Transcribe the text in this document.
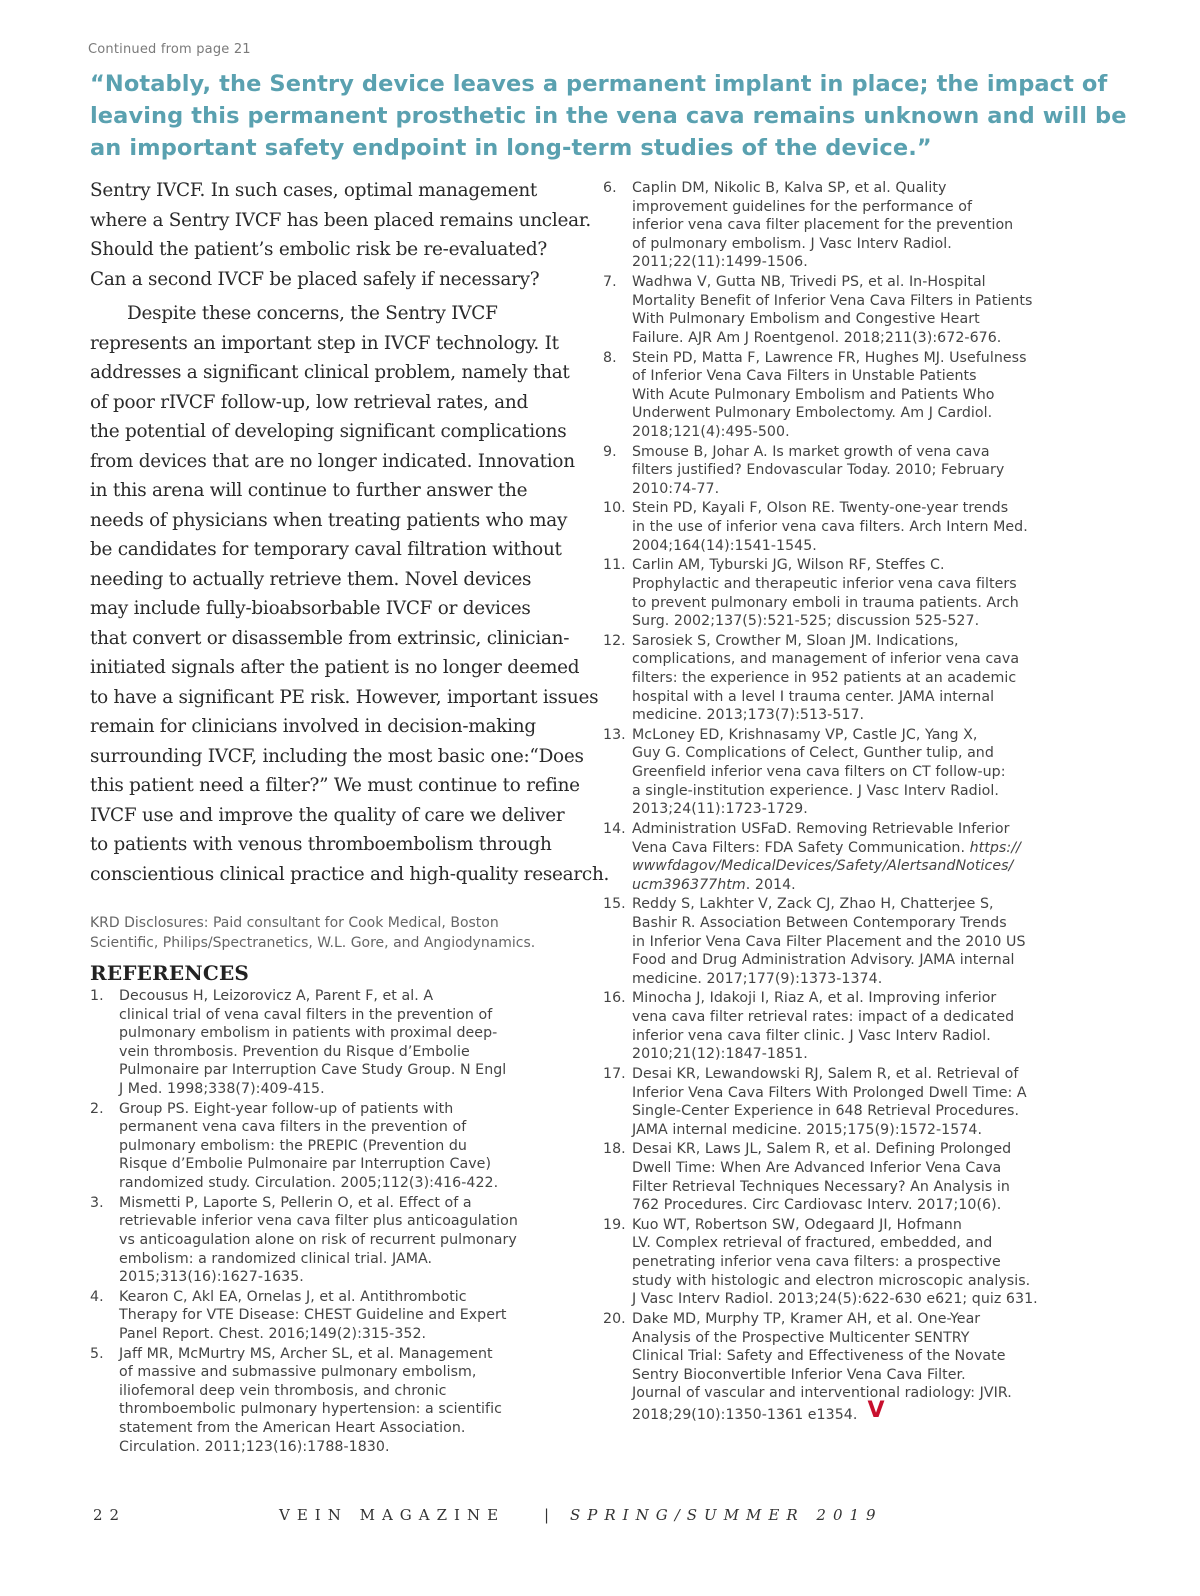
Continued from page 21
“Notably, the Sentry device leaves a permanent implant in place; the impact of
leaving this permanent prosthetic in the vena cava remains unknown and will be
an important safety endpoint in long-term studies of the device.”
Sentry IVCF. In such cases, optimal management
where a Sentry IVCF has been placed remains unclear.
Should the patient’s embolic risk be re-evaluated?
Can a second IVCF be placed safely if necessary?
Despite these concerns, the Sentry IVCF
represents an important step in IVCF technology. It
addresses a significant clinical problem, namely that
of poor rIVCF follow-up, low retrieval rates, and
the potential of developing significant complications
from devices that are no longer indicated. Innovation
in this arena will continue to further answer the
needs of physicians when treating patients who may
be candidates for temporary caval filtration without
needing to actually retrieve them. Novel devices
may include fully-bioabsorbable IVCF or devices
that convert or disassemble from extrinsic, clinician-
initiated signals after the patient is no longer deemed
to have a significant PE risk. However, important issues
remain for clinicians involved in decision-making
surrounding IVCF, including the most basic one:“Does
this patient need a filter?” We must continue to refine
IVCF use and improve the quality of care we deliver
to patients with venous thromboembolism through
conscientious clinical practice and high-quality research.
KRD Disclosures: Paid consultant for Cook Medical, Boston
Scientific, Philips/Spectranetics, W.L. Gore, and Angiodynamics.
REFERENCES
1. Decousus H, Leizorovicz A, Parent F, et al. A
clinical trial of vena caval filters in the prevention of
pulmonary embolism in patients with proximal deep-
vein thrombosis. Prevention du Risque d’Embolie
Pulmonaire par Interruption Cave Study Group. N Engl
J Med. 1998;338(7):409-415.
2. Group PS. Eight-year follow-up of patients with
permanent vena cava filters in the prevention of
pulmonary embolism: the PREPIC (Prevention du
Risque d’Embolie Pulmonaire par Interruption Cave)
randomized study. Circulation. 2005;112(3):416-422.
3. Mismetti P, Laporte S, Pellerin O, et al. Effect of a
retrievable inferior vena cava filter plus anticoagulation
vs anticoagulation alone on risk of recurrent pulmonary
embolism: a randomized clinical trial. JAMA.
2015;313(16):1627-1635.
4. Kearon C, Akl EA, Ornelas J, et al. Antithrombotic
Therapy for VTE Disease: CHEST Guideline and Expert
Panel Report. Chest. 2016;149(2):315-352.
5. Jaff MR, McMurtry MS, Archer SL, et al. Management
of massive and submassive pulmonary embolism,
iliofemoral deep vein thrombosis, and chronic
thromboembolic pulmonary hypertension: a scientific
statement from the American Heart Association.
Circulation. 2011;123(16):1788-1830.
6. Caplin DM, Nikolic B, Kalva SP, et al. Quality
improvement guidelines for the performance of
inferior vena cava filter placement for the prevention
of pulmonary embolism. J Vasc Interv Radiol.
2011;22(11):1499-1506.
7. Wadhwa V, Gutta NB, Trivedi PS, et al. In-Hospital
Mortality Benefit of Inferior Vena Cava Filters in Patients
With Pulmonary Embolism and Congestive Heart
Failure. AJR Am J Roentgenol. 2018;211(3):672-676.
8. Stein PD, Matta F, Lawrence FR, Hughes MJ. Usefulness
of Inferior Vena Cava Filters in Unstable Patients
With Acute Pulmonary Embolism and Patients Who
Underwent Pulmonary Embolectomy. Am J Cardiol.
2018;121(4):495-500.
9. Smouse B, Johar A. Is market growth of vena cava
filters justified? Endovascular Today. 2010; February
2010:74-77.
10. Stein PD, Kayali F, Olson RE. Twenty-one-year trends
in the use of inferior vena cava filters. Arch Intern Med.
2004;164(14):1541-1545.
11. Carlin AM, Tyburski JG, Wilson RF, Steffes C.
Prophylactic and therapeutic inferior vena cava filters
to prevent pulmonary emboli in trauma patients. Arch
Surg. 2002;137(5):521-525; discussion 525-527.
12. Sarosiek S, Crowther M, Sloan JM. Indications,
complications, and management of inferior vena cava
filters: the experience in 952 patients at an academic
hospital with a level I trauma center. JAMA internal
medicine. 2013;173(7):513-517.
13. McLoney ED, Krishnasamy VP, Castle JC, Yang X,
Guy G. Complications of Celect, Gunther tulip, and
Greenfield inferior vena cava filters on CT follow-up:
a single-institution experience. J Vasc Interv Radiol.
2013;24(11):1723-1729.
14. Administration USFaD. Removing Retrievable Inferior
Vena Cava Filters: FDA Safety Communication. https://
wwwfdagov/MedicalDevices/Safety/AlertsandNotices/
ucm396377htm. 2014.
15. Reddy S, Lakhter V, Zack CJ, Zhao H, Chatterjee S,
Bashir R. Association Between Contemporary Trends
in Inferior Vena Cava Filter Placement and the 2010 US
Food and Drug Administration Advisory. JAMA internal
medicine. 2017;177(9):1373-1374.
16. Minocha J, Idakoji I, Riaz A, et al. Improving inferior
vena cava filter retrieval rates: impact of a dedicated
inferior vena cava filter clinic. J Vasc Interv Radiol.
2010;21(12):1847-1851.
17. Desai KR, Lewandowski RJ, Salem R, et al. Retrieval of
Inferior Vena Cava Filters With Prolonged Dwell Time: A
Single-Center Experience in 648 Retrieval Procedures.
JAMA internal medicine. 2015;175(9):1572-1574.
18. Desai KR, Laws JL, Salem R, et al. Defining Prolonged
Dwell Time: When Are Advanced Inferior Vena Cava
Filter Retrieval Techniques Necessary? An Analysis in
762 Procedures. Circ Cardiovasc Interv. 2017;10(6).
19. Kuo WT, Robertson SW, Odegaard JI, Hofmann
LV. Complex retrieval of fractured, embedded, and
penetrating inferior vena cava filters: a prospective
study with histologic and electron microscopic analysis.
J Vasc Interv Radiol. 2013;24(5):622-630 e621; quiz 631.
20. Dake MD, Murphy TP, Kramer AH, et al. One-Year
Analysis of the Prospective Multicenter SENTRY
Clinical Trial: Safety and Effectiveness of the Novate
Sentry Bioconvertible Inferior Vena Cava Filter.
Journal of vascular and interventional radiology: JVIR.
2018;29(10):1350-1361 e1354. V
22	VEIN MAGAZINE	| SPRING/SUMMER 2019
